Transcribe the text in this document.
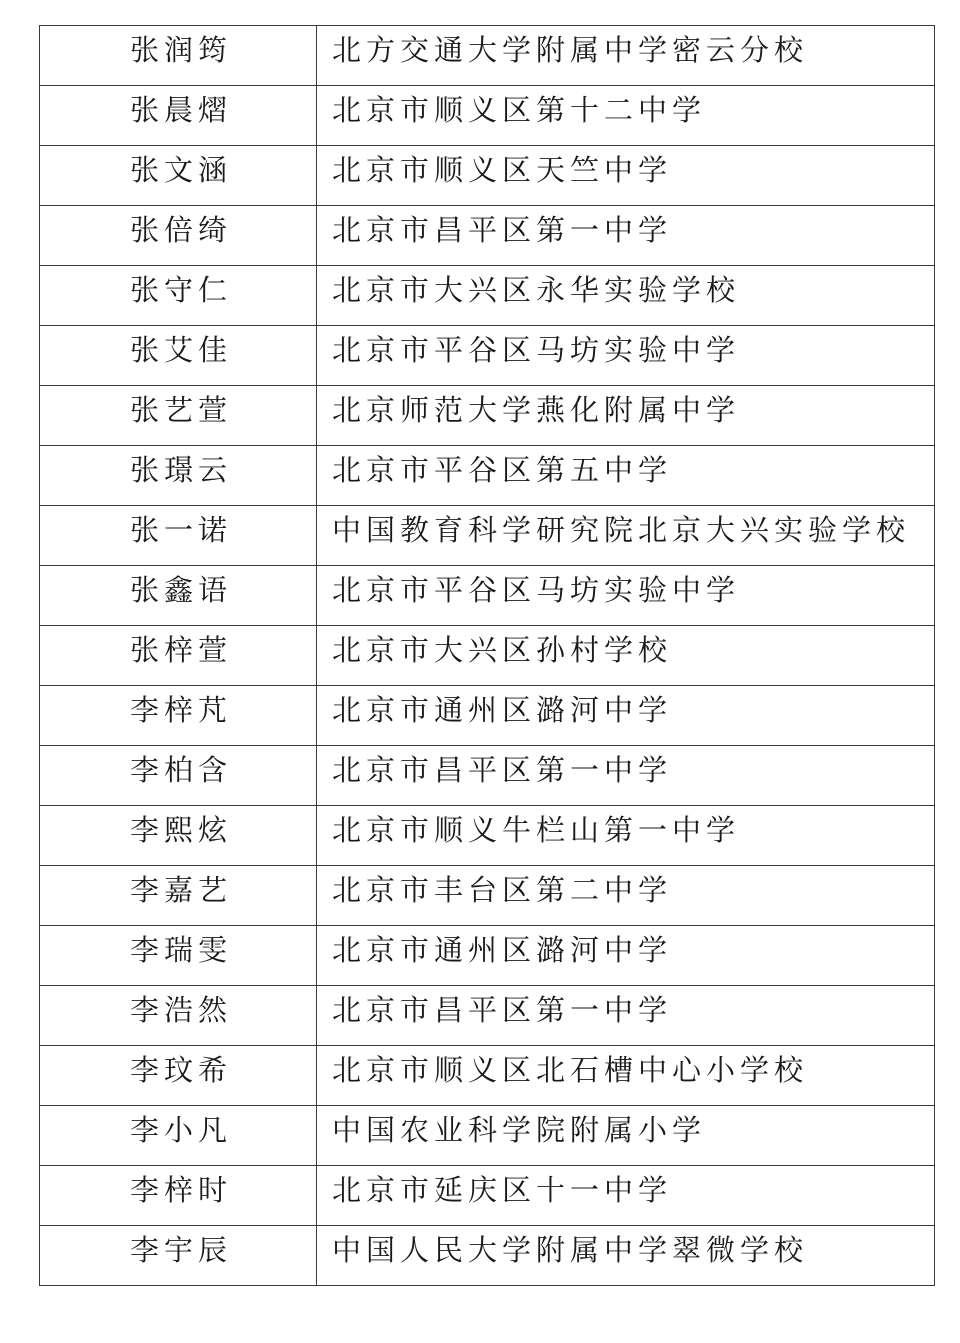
张润筠	北方交通大学附属中学密云分校
张晨熠	北京市顺义区第十二中学
张文涵	北京市顺义区天竺中学
张倍绮	北京市昌平区第一中学
张守仁	北京市大兴区永华实验学校
张艾佳	北京市平谷区马坊实验中学
张艺萱	北京师范大学燕化附属中学
张璟云	北京市平谷区第五中学
张一诺	中国教育科学研究院北京大兴实验学校
张鑫语	北京市平谷区马坊实验中学
张梓萱	北京市大兴区孙村学校
李梓芃	北京市通州区潞河中学
李柏含	北京市昌平区第一中学
李熙炫	北京市顺义牛栏山第一中学
李嘉艺	北京市丰台区第二中学
李瑞雯	北京市通州区潞河中学
李浩然	北京市昌平区第一中学
李玟希	北京市顺义区北石槽中心小学校
李小凡	中国农业科学院附属小学
李梓时	北京市延庆区十一中学
李宇辰	中国人民大学附属中学翠微学校
